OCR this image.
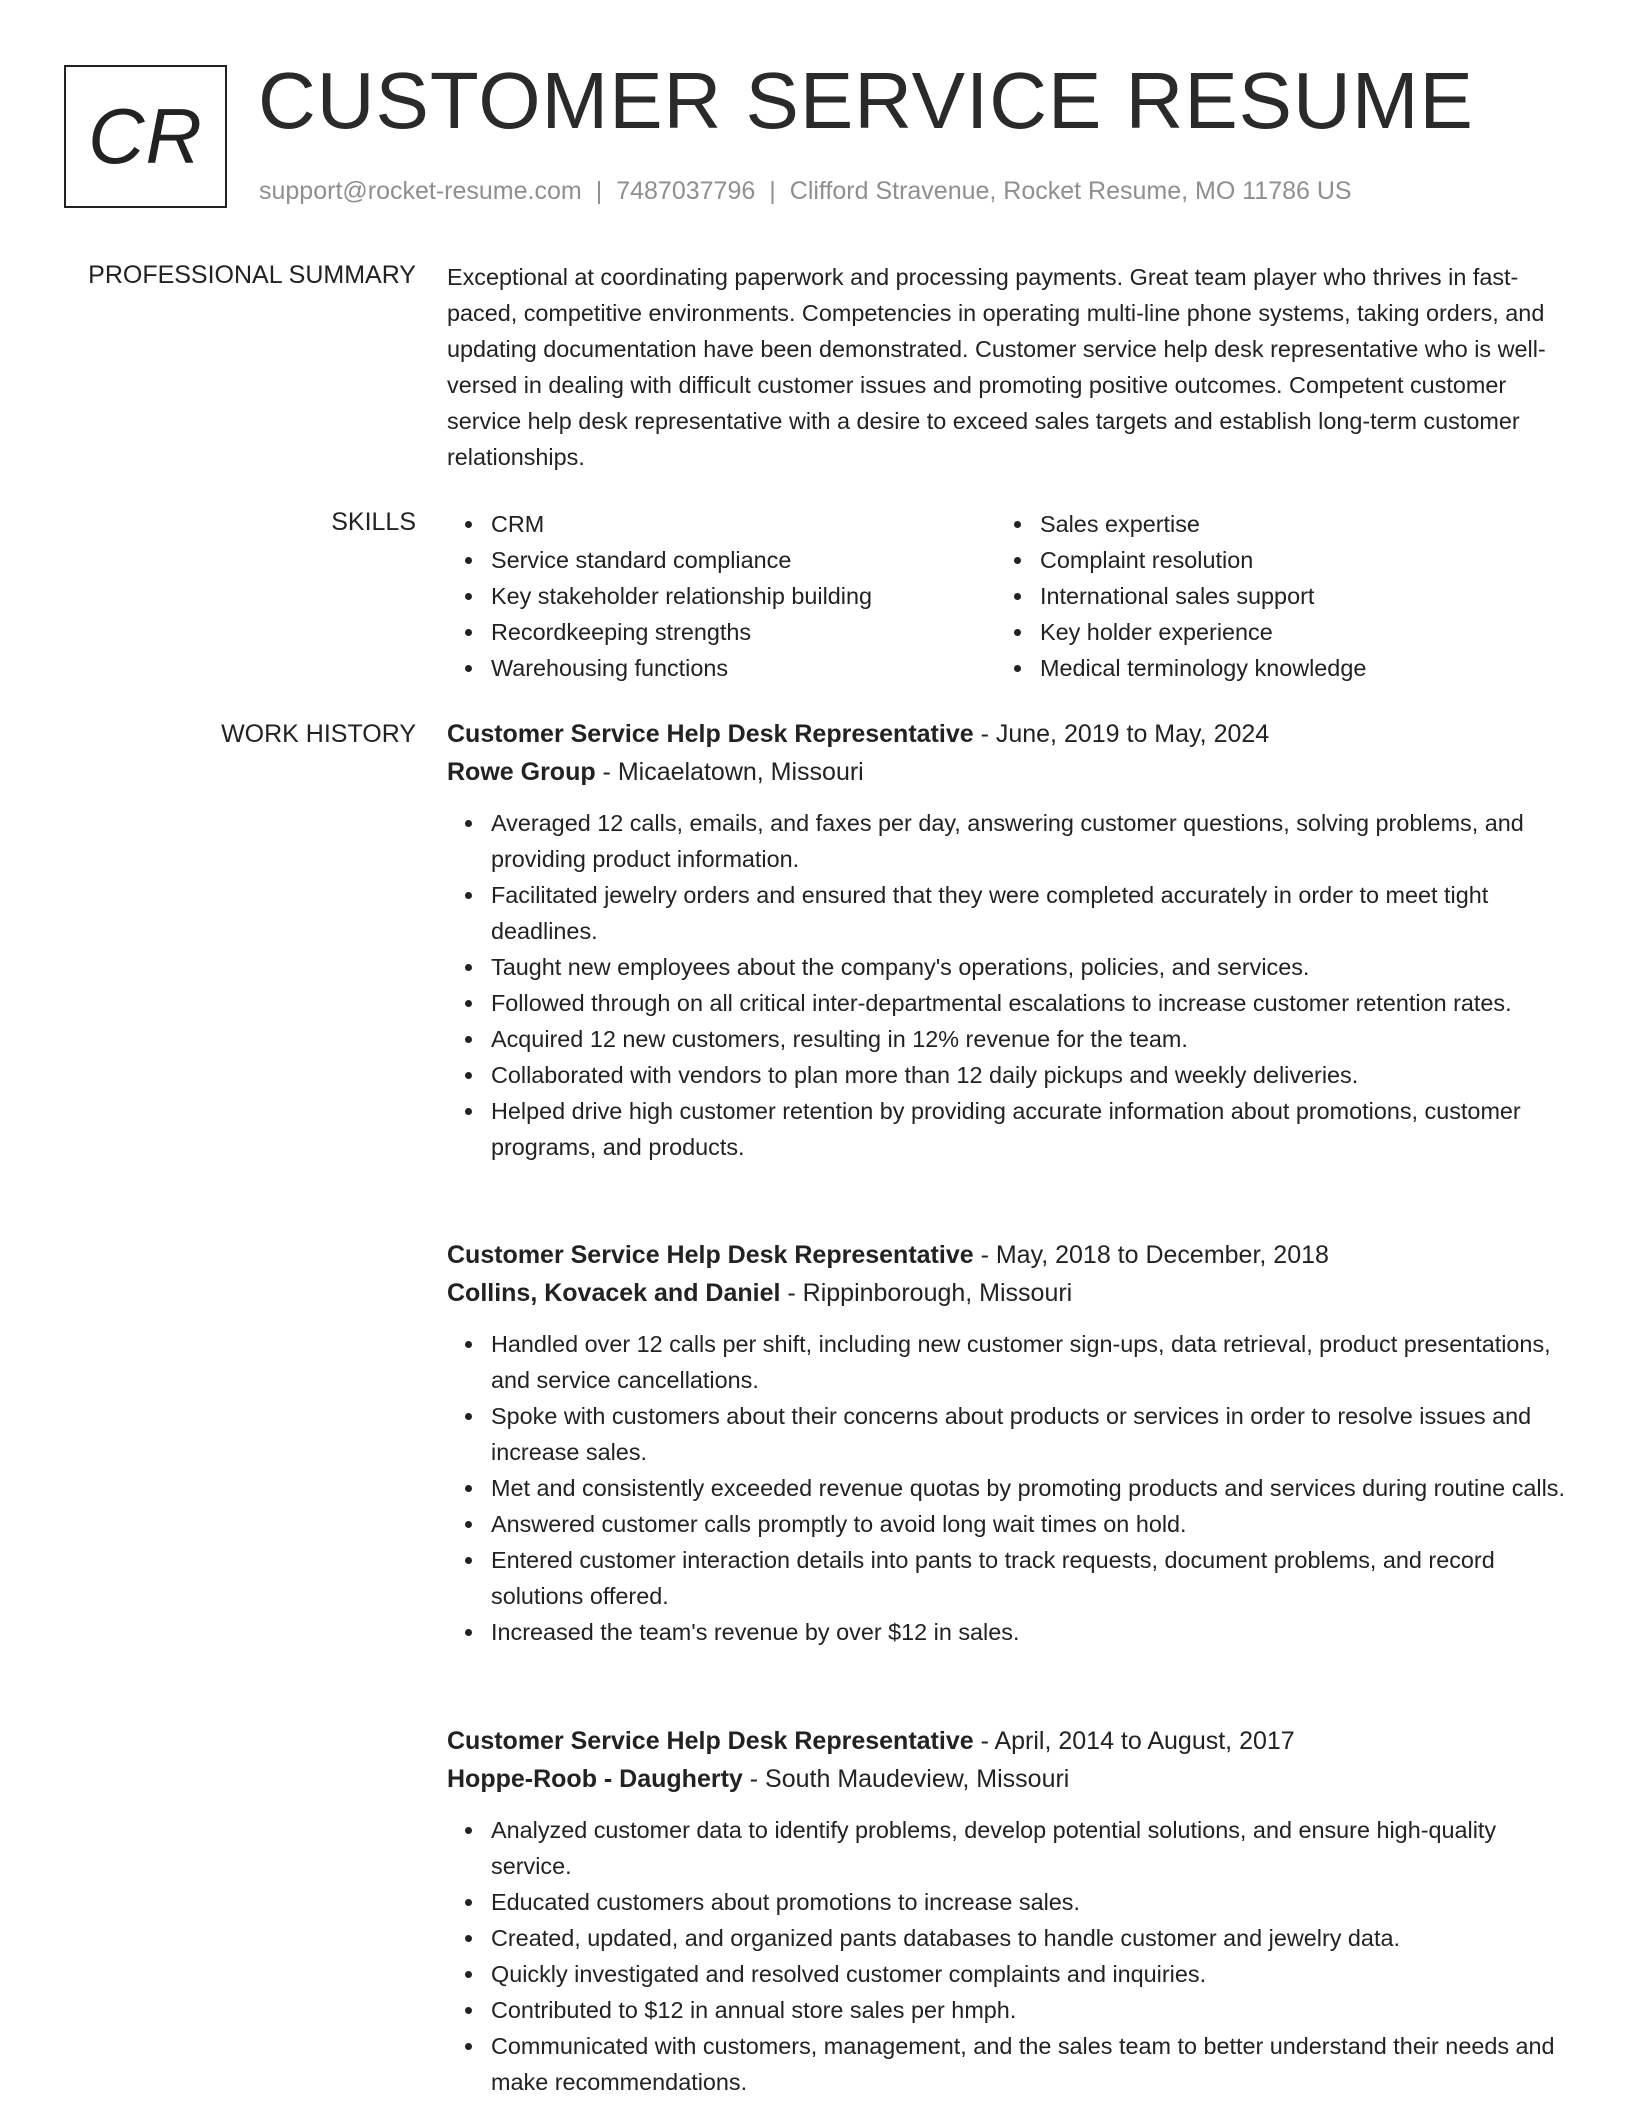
CR CUSTOMER SERVICE RESUME
support@rocket-resume.com | 7487037796 | Clifford Stravenue, Rocket Resume, MO 11786 US
PROFESSIONAL SUMMARY Exceptional at coordinating paperwork and processing payments. Great team player who thrives in fast-paced, competitive environments. Competencies in operating multi-line phone systems, taking orders, and updating documentation have been demonstrated. Customer service help desk representative who is well-versed in dealing with difficult customer issues and promoting positive outcomes. Competent customer service help desk representative with a desire to exceed sales targets and establish long-term customer relationships.
SKILLS	CRM
Service standard compliance
Key stakeholder relationship building
Recordkeeping strengths
Warehousing functions
Sales expertise
Complaint resolution
International sales support
Key holder experience
Medical terminology knowledge
WORK HISTORY Customer Service Help Desk Representative - June, 2019 to May, 2024
Rowe Group - Micaelatown, Missouri
Averaged 12 calls, emails, and faxes per day, answering customer questions, solving problems, and providing product information.
Facilitated jewelry orders and ensured that they were completed accurately in order to meet tight deadlines.
Taught new employees about the company's operations, policies, and services.
Followed through on all critical inter-departmental escalations to increase customer retention rates.
Acquired 12 new customers, resulting in 12% revenue for the team.
Collaborated with vendors to plan more than 12 daily pickups and weekly deliveries.
Helped drive high customer retention by providing accurate information about promotions, customer programs, and products.
Customer Service Help Desk Representative - May, 2018 to December, 2018
Collins, Kovacek and Daniel - Rippinborough, Missouri
Handled over 12 calls per shift, including new customer sign-ups, data retrieval, product presentations, and service cancellations.
Spoke with customers about their concerns about products or services in order to resolve issues and increase sales.
Met and consistently exceeded revenue quotas by promoting products and services during routine calls.
Answered customer calls promptly to avoid long wait times on hold.
Entered customer interaction details into pants to track requests, document problems, and record solutions offered.
Increased the team's revenue by over $12 in sales.
Customer Service Help Desk Representative - April, 2014 to August, 2017
Hoppe-Roob - Daugherty - South Maudeview, Missouri
Analyzed customer data to identify problems, develop potential solutions, and ensure high-quality service.
Educated customers about promotions to increase sales.
Created, updated, and organized pants databases to handle customer and jewelry data.
Quickly investigated and resolved customer complaints and inquiries.
Contributed to $12 in annual store sales per hmph.
Communicated with customers, management, and the sales team to better understand their needs and make recommendations.
